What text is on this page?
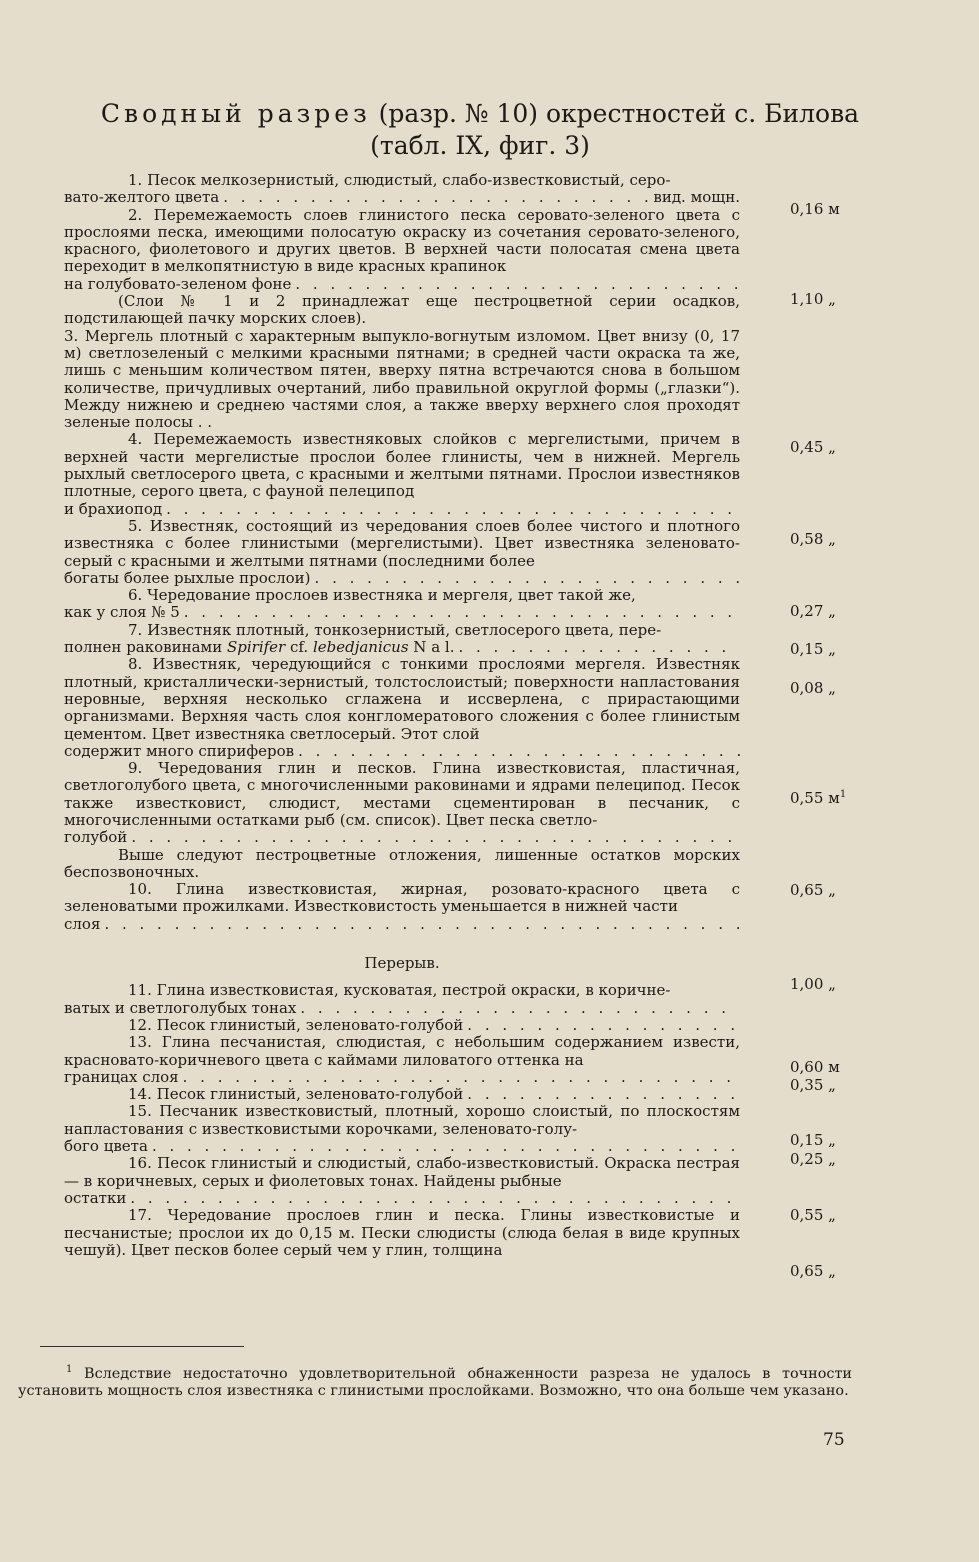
Сводный разрез (разр. № 10) окрестностей с. Билова
(табл. IX, фиг. 3)

1. Песок мелкозернистый, слюдистый, слабо-известковистый, серо-

вато-желтого цвета
. . .	вид. мощн.

2. Перемежаемость слоев глинистого песка серовато-зеленого цвета с прослоями песка, имеющими полосатую окраску из сочетания серовато-зеленого, красного, фиолетового и других цветов. В верхней части полосатая смена цвета переходит в мелкопятнистую в виде красных крапинок

на голубовато-зеленом фоне
. . .

(Слои № 1 и 2 принадлежат еще пестроцветной серии осадков, подстилающей пачку морских слоев).

3. Мергель плотный с характерным выпукло-вогнутым изломом. Цвет внизу (0, 17 м) светлозеленый с мелкими красными пятнами; в средней части окраска та же, лишь с меньшим количеством пятен, вверху пятна встречаются снова в большом количестве, причудливых очертаний, либо правильной округлой формы („глазки“). Между нижнею и среднею частями слоя, а также вверху верхнего слоя проходят зеленые полосы . .

4. Перемежаемость известняковых слойков с мергелистыми, причем в верхней части мергелистые прослои более глинисты, чем в нижней. Мергель рыхлый светлосерого цвета, с красными и желтыми пятнами. Прослои известняков плотные, серого цвета, с фауной пелеципод

и брахиопод
. . .

5. Известняк, состоящий из чередования слоев более чистого и плотного известняка с более глинистыми (мергелистыми). Цвет известняка зеленовато-серый с красными и желтыми пятнами (последними более

богаты более рыхлые прослои)
. . .

6. Чередование прослоев известняка и мергеля, цвет такой же,

как у слоя № 5
. . .

7. Известняк плотный, тонкозернистый, светлосерого цвета, пере-

полнен раковинами Spirifer cf. lebedjanicus N a l.
. . .

8. Известняк, чередующийся с тонкими прослоями мергеля. Известняк плотный, кристаллически-зернистый, толстослоистый; поверхности напластования неровные, верхняя несколько сглажена и исcверлена, с прирастающими организмами. Верхняя часть слоя конгломератового сложения с более глинистым цементом. Цвет известняка светлосерый. Этот слой

содержит много спириферов
. . .

9. Чередования глин и песков. Глина известковистая, пластичная, светлоголубого цвета, с многочисленными раковинами и ядрами пелеципод. Песок также известковист, слюдист, местами сцементирован в песчаник, с многочисленными остатками рыб (см. список). Цвет песка светло-

голубой
. . .

Выше следуют пестроцветные отложения, лишенные остатков морских беспозвоночных.

10. Глина известковистая, жирная, розовато-красного цвета с зеленоватыми прожилками. Известковистость уменьшается в нижней части

слоя
. . .
Перерыв.

11. Глина известковистая, кусковатая, пестрой окраски, в коричне-

ватых и светлоголубых тонах
. . .
12. Песок глинистый, зеленовато-голубой
. . .

13. Глина песчанистая, слюдистая, с небольшим содержанием извести, красновато-коричневого цвета с каймами лиловатого оттенка на

границах слоя
. . .
14. Песок глинистый, зеленовато-голубой
. . .

15. Песчаник известковистый, плотный, хорошо слоистый, по плоскостям напластования с известковистыми корочками, зеленовато-голу-

бого цвета
. . .

16. Песок глинистый и слюдистый, слабо-известковистый. Окраска пестрая — в коричневых, серых и фиолетовых тонах. Найдены рыбные

остатки
. . .

17. Чередование прослоев глин и песка. Глины известковистые и песчанистые; прослои их до 0,15 м. Пески слюдисты (слюда белая в виде крупных чешуй). Цвет песков более серый чем у глин, толщина

0,16 м
1,10 „
0,45 „
0,58 „
0,27 „
0,15 „
0,08 „
0,55 $м^1$
0,65 „
1,00 „
0,60 м
0,35 „
0,15 „
0,25 „
0,55 „
0,65 „
$^1$ Вследствие недостаточно удовлетворительной обнаженности разреза не удалось в точности установить мощность слоя известняка с глинистыми прослойками. Возможно, что она больше чем указано.
75
